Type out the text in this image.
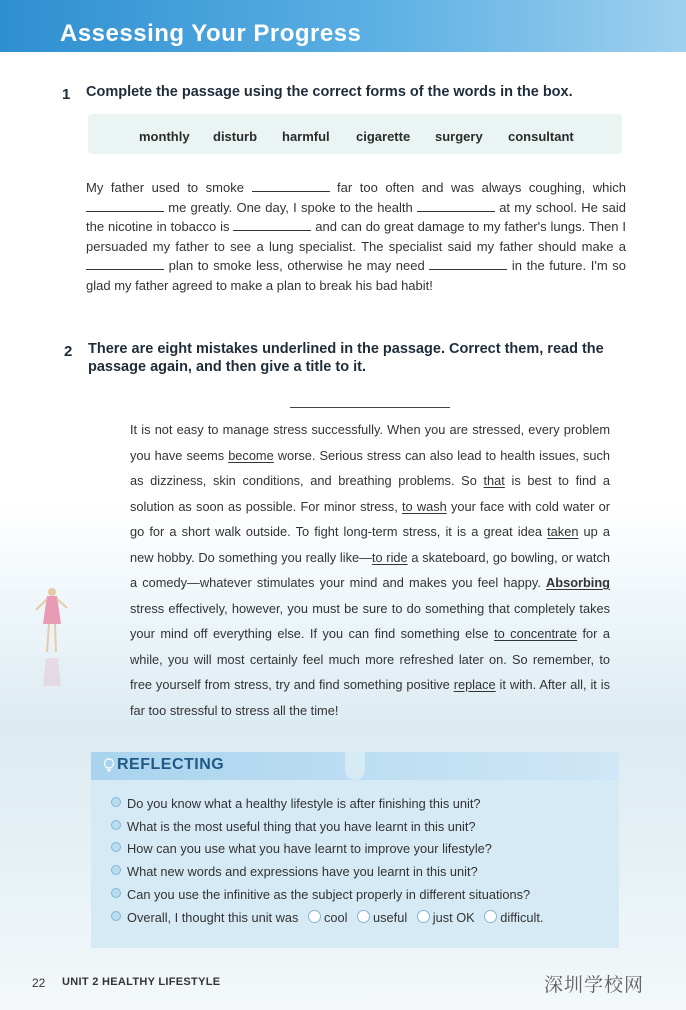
Assessing Your Progress
1 Complete the passage using the correct forms of the words in the box.
monthly disturb harmful cigarette surgery consultant
My father used to smoke	far too often and was always coughing, which  me greatly. One day, I spoke to the health	at my school. He said the nicotine in tobacco is	and can do great damage to my father's lungs. Then I persuaded my father to see a lung specialist. The specialist said my father should make a  plan to smoke less, otherwise he may need	in the future. I'm so glad my father agreed to make a plan to break his bad habit!
2 There are eight mistakes underlined in the passage. Correct them, read the passage again, and then give a title to it.
It is not easy to manage stress successfully. When you are stressed, every problem you have seems become worse. Serious stress can also lead to health issues, such as dizziness, skin conditions, and breathing problems. So that is best to find a solution as soon as possible. For minor stress, to wash your face with cold water or go for a short walk outside. To fight long-term stress, it is a great idea taken up a new hobby. Do something you really like—to ride a skateboard, go bowling, or watch a comedy—whatever stimulates your mind and makes you feel happy. Absorbing stress effectively, however, you must be sure to do something that completely takes your mind off everything else. If you can find something else to concentrate for a while, you will most certainly feel much more refreshed later on. So remember, to free yourself from stress, try and find something positive replace it with. After all, it is far too stressful to stress all the time!
REFLECTING
Do you know what a healthy lifestyle is after finishing this unit?
What is the most useful thing that you have learnt in this unit?
How can you use what you have learnt to improve your lifestyle?
What new words and expressions have you learnt in this unit?
Can you use the infinitive as the subject properly in different situations?
Overall, I thought this unit was cool useful just OK difficult.
22 UNIT 2 HEALTHY LIFESTYLE	深圳学校网
